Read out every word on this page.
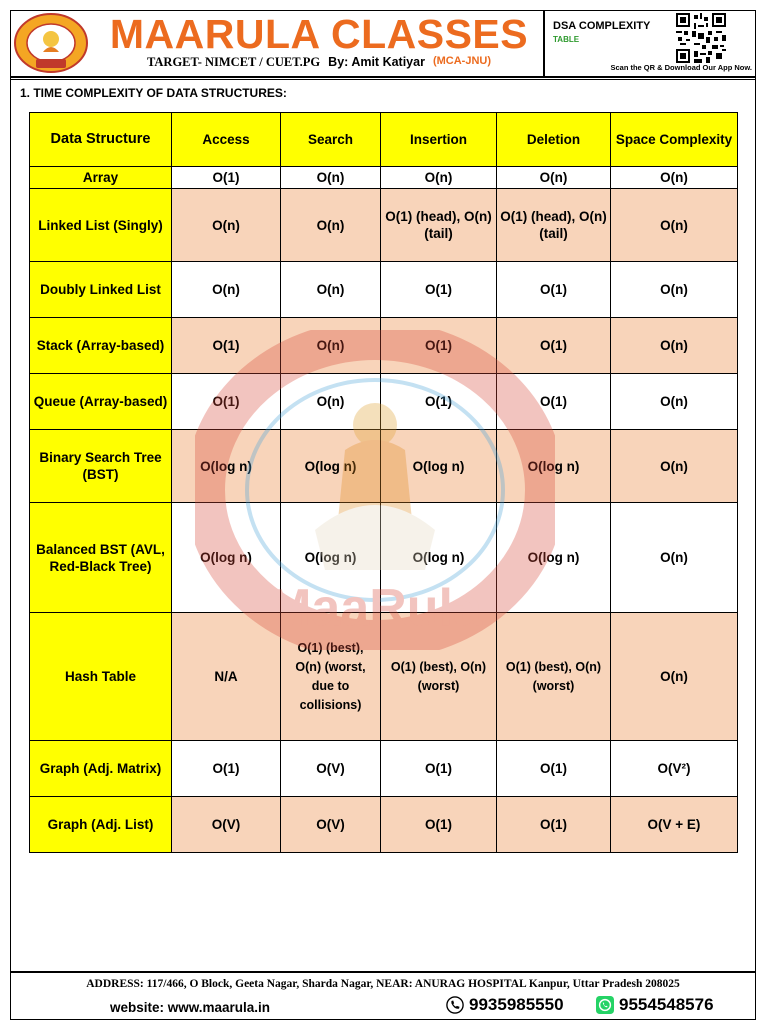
MAARULA CLASSES
TARGET- NIMCET / CUET.PG By: Amit Katiyar (MCA-JNU)
DSA COMPLEXITY
TABLE
Scan the QR & Download Our App Now.
1. TIME COMPLEXITY OF DATA STRUCTURES:
Data Structure	Access	Search	Insertion	Deletion	Space Complexity
Array	O(1)	O(n)	O(n)	O(n)	O(n)
Linked List (Singly)	O(n)	O(n)	O(1) (head), O(n) (tail)	O(1) (head), O(n) (tail)	O(n)
Doubly Linked List	O(n)	O(n)	O(1)	O(1)	O(n)
Stack (Array-based)	O(1)	O(n)	O(1)	O(1)	O(n)
Queue (Array-based)	O(1)	O(n)	O(1)	O(1)	O(n)
Binary Search Tree (BST)	O(log n)	O(log n)	O(log n)	O(log n)	O(n)
Balanced BST (AVL, Red-Black Tree)	O(log n)	O(log n)	O(log n)	O(log n)	O(n)
Hash Table	N/A	O(1) (best), O(n) (worst, due to collisions)	O(1) (best), O(n) (worst)	O(1) (best), O(n) (worst)	O(n)
Graph (Adj. Matrix)	O(1)	O(V)	O(1)	O(1)	O(V²)
Graph (Adj. List)	O(V)	O(V)	O(1)	O(1)	O(V + E)
MaaRula
ADDRESS: 117/466, O Block, Geeta Nagar, Sharda Nagar, NEAR: ANURAG HOSPITAL Kanpur, Uttar Pradesh 208025
website: www.maarula.in	9935985550	9554548576
